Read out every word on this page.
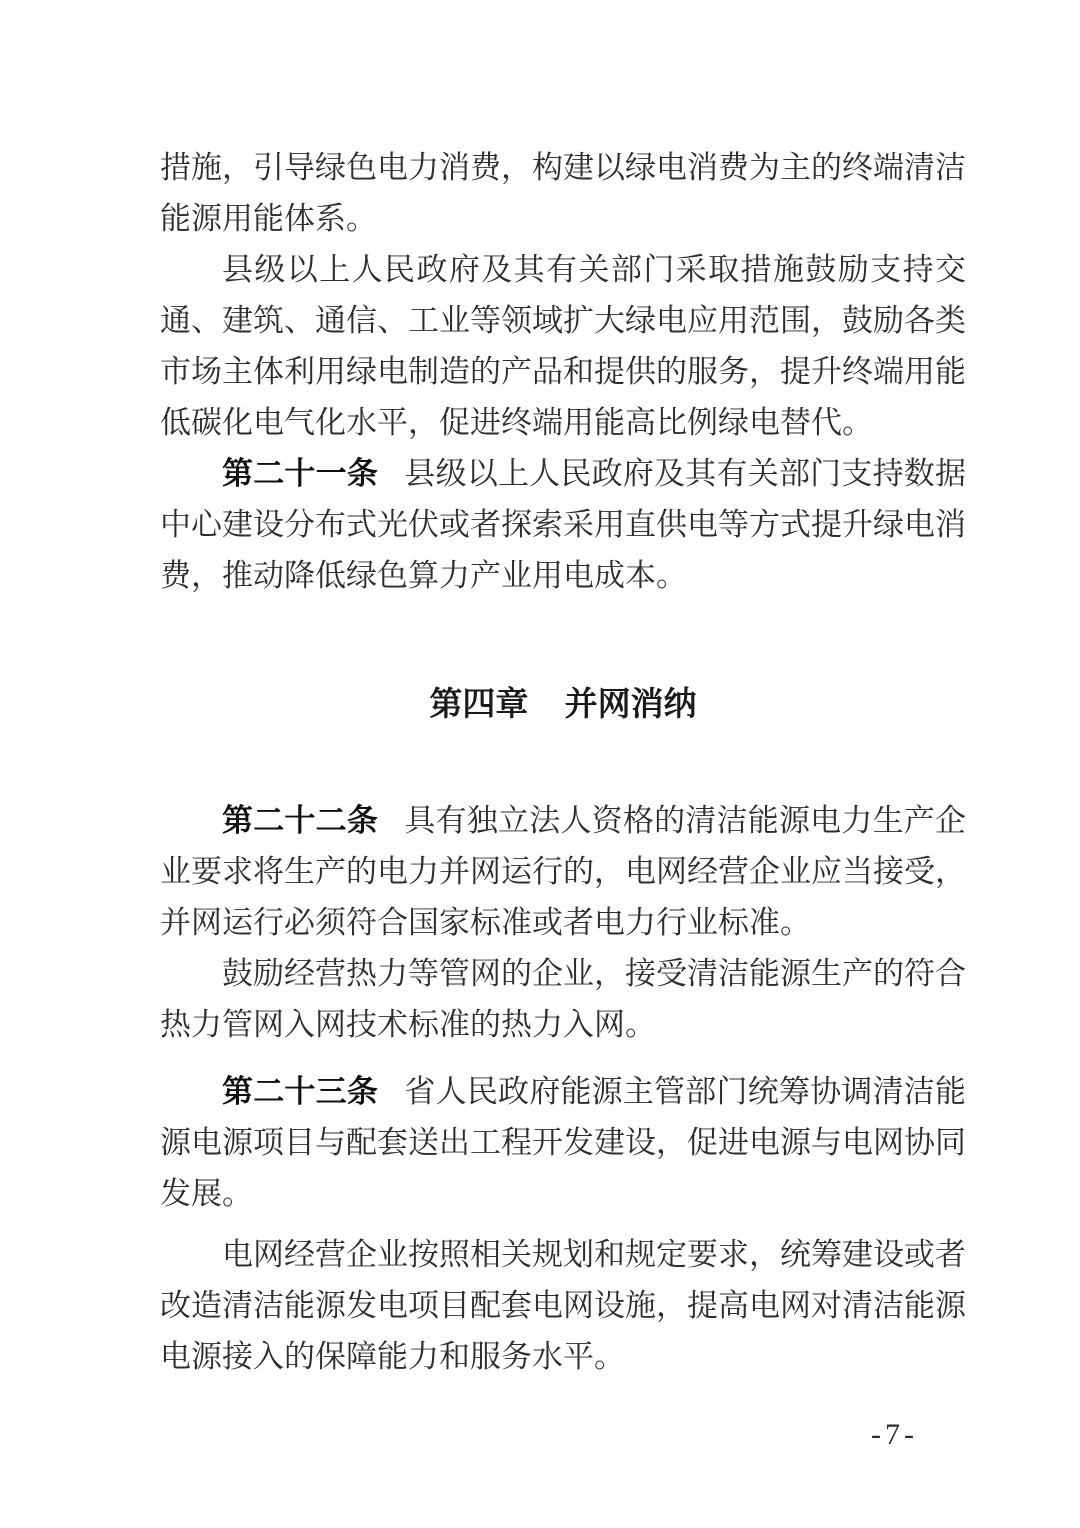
措施，引导绿色电力消费，构建以绿电消费为主的终端清洁能源用能体系。

县级以上人民政府及其有关部门采取措施鼓励支持交通、建筑、通信、工业等领域扩大绿电应用范围，鼓励各类市场主体利用绿电制造的产品和提供的服务，提升终端用能低碳化电气化水平，促进终端用能高比例绿电替代。

第二十一条 县级以上人民政府及其有关部门支持数据中心建设分布式光伏或者探索采用直供电等方式提升绿电消费，推动降低绿色算力产业用电成本。

第四章 并网消纳

第二十二条 具有独立法人资格的清洁能源电力生产企业要求将生产的电力并网运行的，电网经营企业应当接受，并网运行必须符合国家标准或者电力行业标准。

鼓励经营热力等管网的企业，接受清洁能源生产的符合热力管网入网技术标准的热力入网。

第二十三条 省人民政府能源主管部门统筹协调清洁能源电源项目与配套送出工程开发建设，促进电源与电网协同发展。

电网经营企业按照相关规划和规定要求，统筹建设或者改造清洁能源发电项目配套电网设施，提高电网对清洁能源电源接入的保障能力和服务水平。

-7-
